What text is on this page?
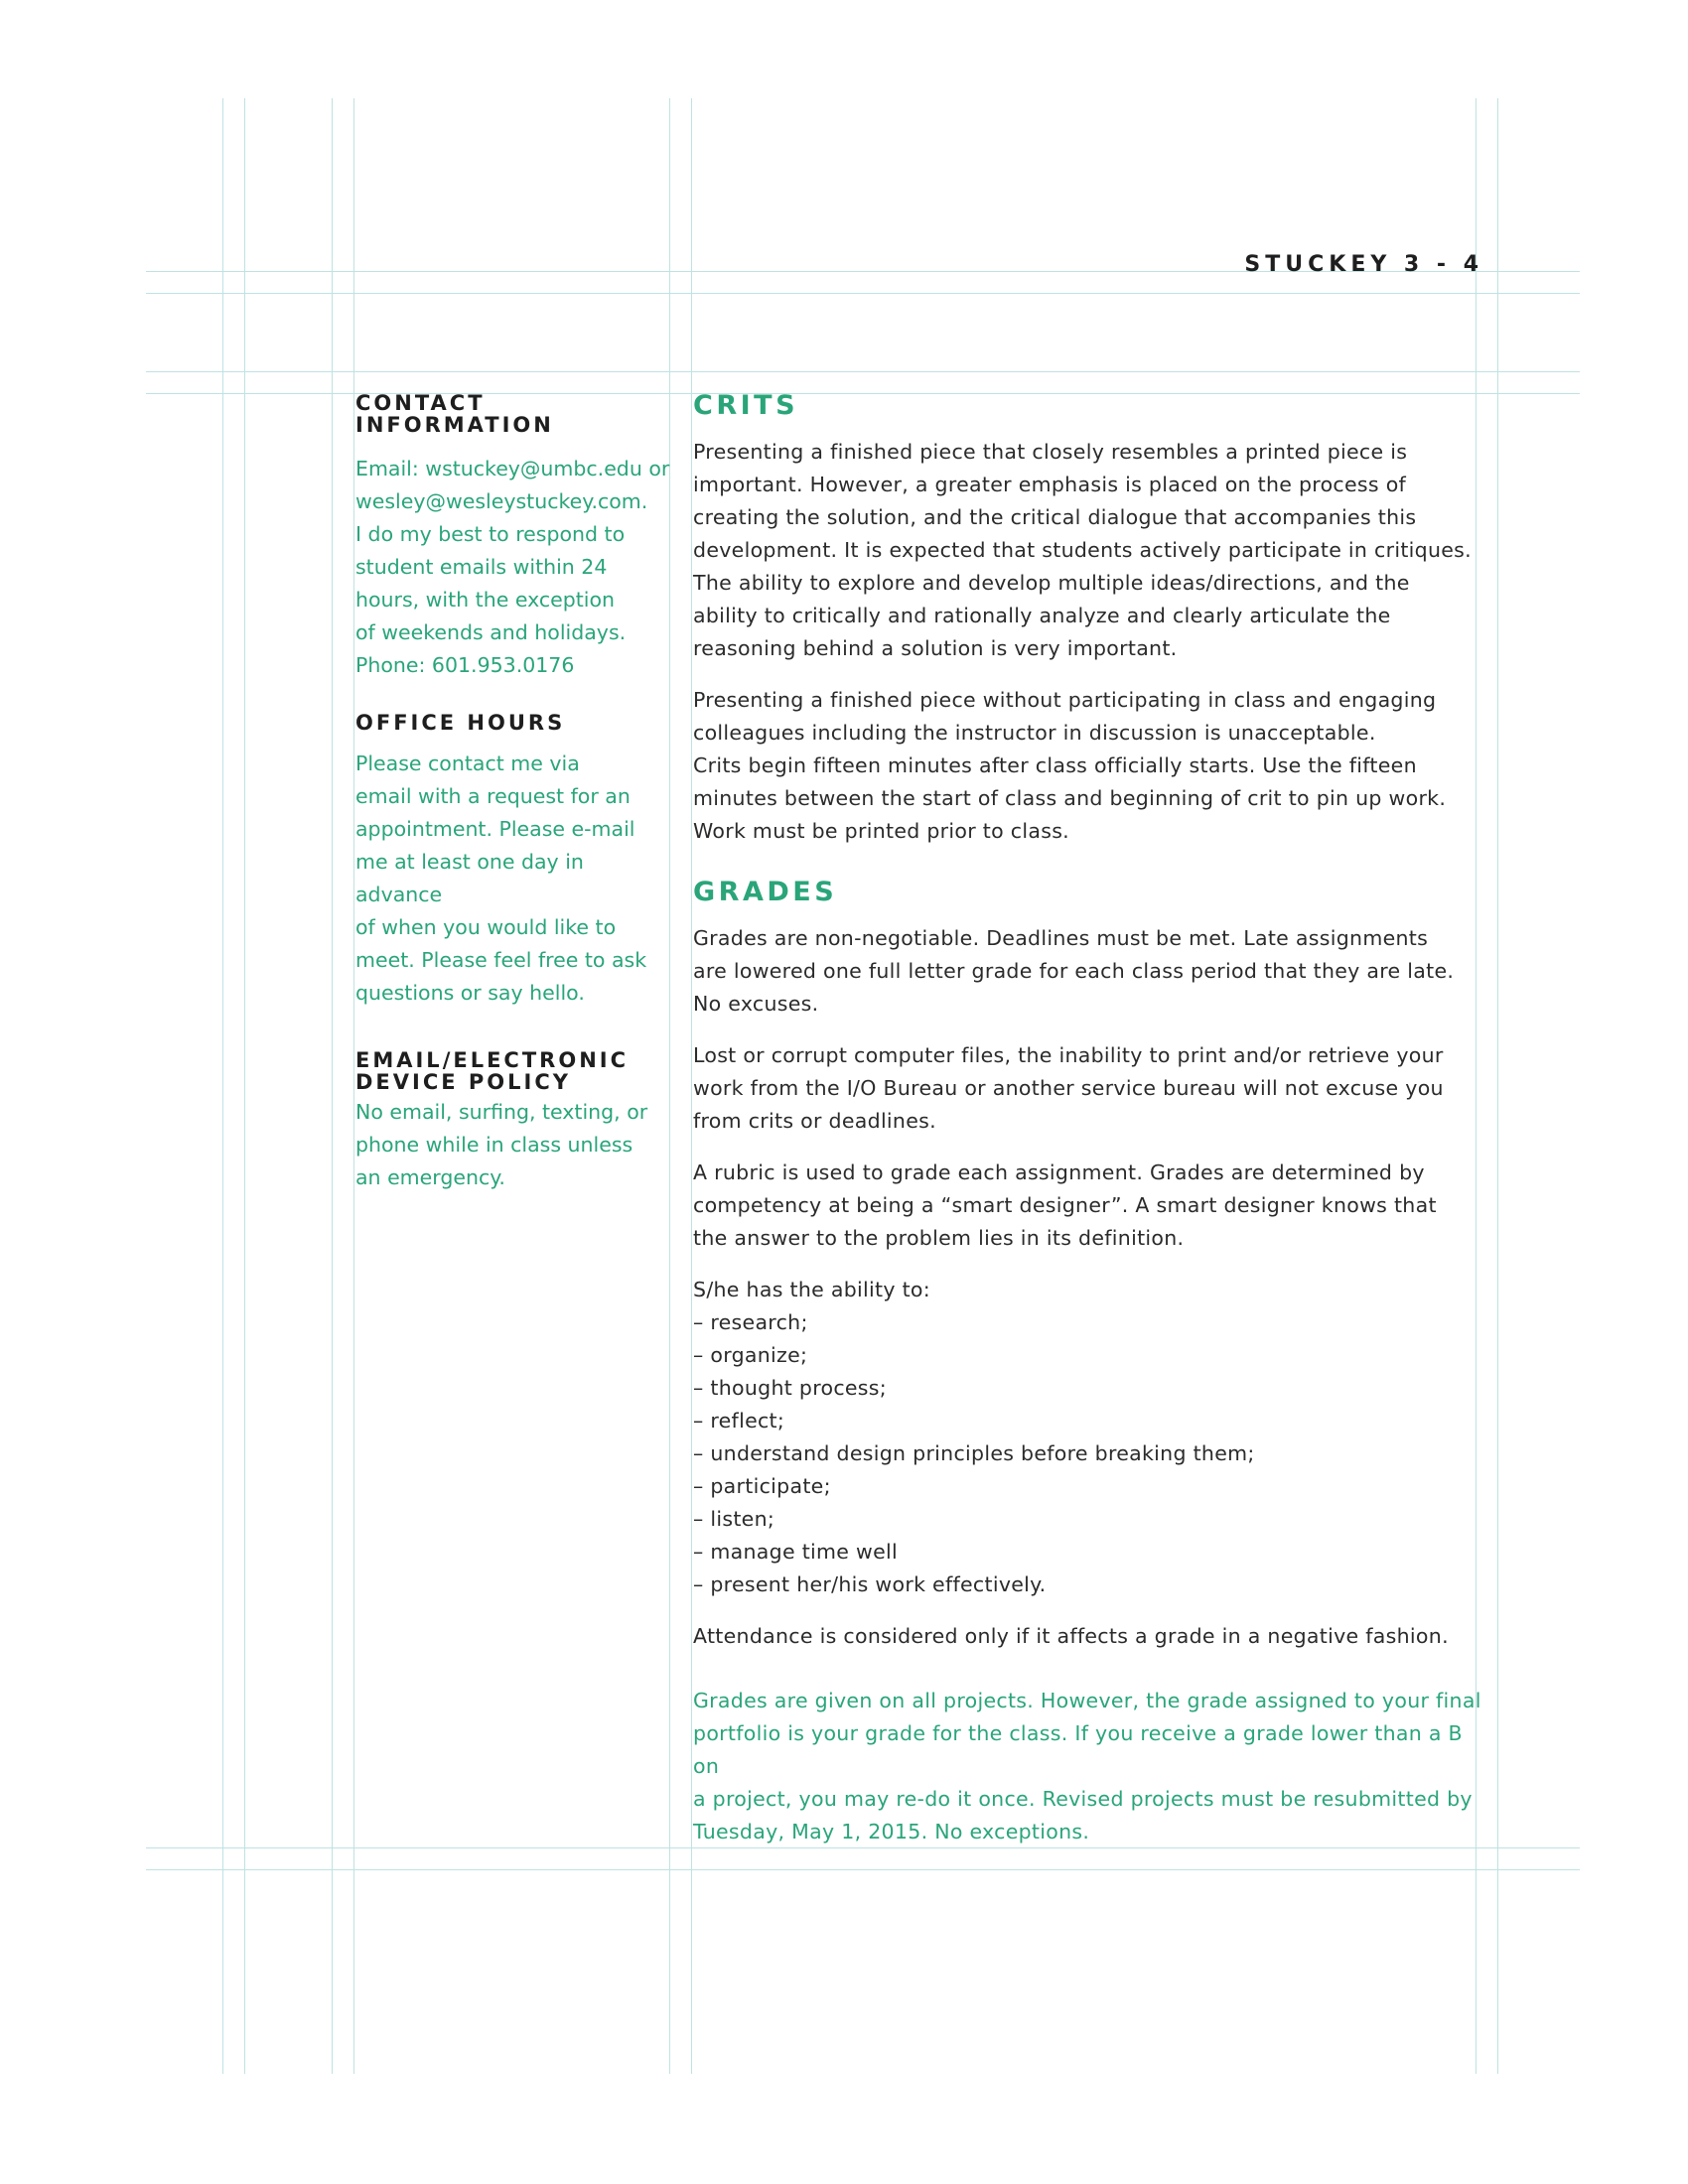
STUCKEY 3 - 4
CONTACT INFORMATION

Email: wstuckey@umbc.edu or
wesley@wesleystuckey.com.
I do my best to respond to
student emails within 24
hours, with the exception
of weekends and holidays.
Phone: 601.953.0176

OFFICE HOURS

Please contact me via
email with a request for an
appointment. Please e-mail
me at least one day in advance
of when you would like to
meet. Please feel free to ask
questions or say hello.

EMAIL/ELECTRONIC
DEVICE POLICY

No email, surfing, texting, or
phone while in class unless
an emergency.

CRITS

Presenting a finished piece that closely resembles a printed piece is
important. However, a greater emphasis is placed on the process of
creating the solution, and the critical dialogue that accompanies this
development. It is expected that students actively participate in critiques.
The ability to explore and develop multiple ideas/directions, and the
ability to critically and rationally analyze and clearly articulate the
reasoning behind a solution is very important.

Presenting a finished piece without participating in class and engaging
colleagues including the instructor in discussion is unacceptable.
Crits begin fifteen minutes after class officially starts. Use the fifteen
minutes between the start of class and beginning of crit to pin up work.
Work must be printed prior to class.

GRADES

Grades are non-negotiable. Deadlines must be met. Late assignments
are lowered one full letter grade for each class period that they are late.
No excuses.

Lost or corrupt computer files, the inability to print and/or retrieve your
work from the I/O Bureau or another service bureau will not excuse you
from crits or deadlines.

A rubric is used to grade each assignment. Grades are determined by
competency at being a “smart designer”. A smart designer knows that
the answer to the problem lies in its definition.

S/he has the ability to:

– research;
– organize;
– thought process;
– reflect;
– understand design principles before breaking them;
– participate;
– listen;
– manage time well
– present her/his work effectively.

Attendance is considered only if it affects a grade in a negative fashion.

Grades are given on all projects. However, the grade assigned to your final
portfolio is your grade for the class. If you receive a grade lower than a B on
a project, you may re-do it once. Revised projects must be resubmitted by
Tuesday, May 1, 2015. No exceptions.
